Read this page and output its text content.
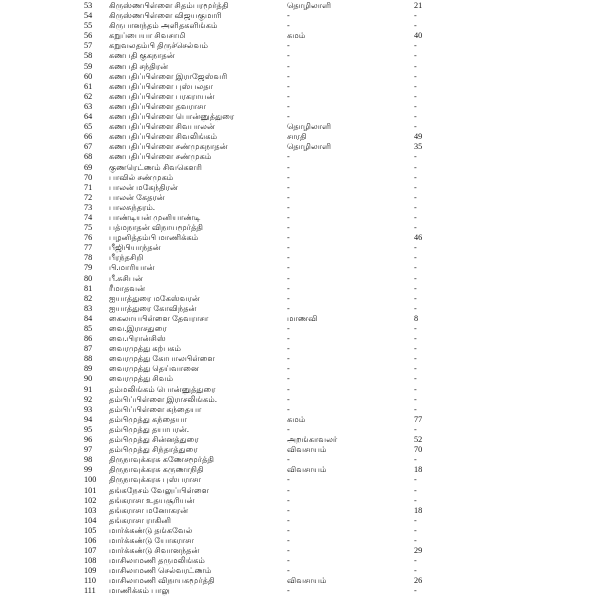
53	கிருஸ்ணபிள்ளை சிதம்பரமூர்த்தி	தொழிலாளி	21
54	கிருஸ்ணபிள்ளை விஜயகுமாரி	-	-
55	கிருபானந்தம் அளிதகளிங்கம்	-	-
56	கறுப்பையா சிவசாமி	கமம்	40
57	கறுவலதம்பி திருச்செல்வம்	-	-
58	கணபதி குகநாதன்	-	-
59	கணபதி சந்திரன்	-	-
60	கணபதிப்பிள்ளை இராஜேஸ்வரி	-	-
61	கணபதிப்பிள்ளை புஸ்பலதா	-	-
62	கணபதிப்பிள்ளை பரகராயன்	-	-
63	கணபதிப்பிள்ளை தவராசா	-	-
64	கணபதிப்பிள்ளை பொன்னுத்துரை	-	-
65	கணபதிப்பிள்ளை சிவபாலன்	தொழிலாளி	-
66	கணபதிப்பிள்ளை சிவலிங்கம்	சாரதி	49
67	கணபதிப்பிள்ளை சண்முகநாதன்	தொழிலாளி	35
68	கணபதிப்பிள்ளை சண்முகம்	-	-
69	குணரெட்ணம் சிவகௌரி	-	-
70	பாவில் சண்முகம்	-	-
71	பாலன் மகேந்திரன்	-	-
72	பாலன் கேதரன்	-	-
73	பாலசுந்தரம்.	-	-
74	பாண்டியன் முனியாண்டி	-	-
75	பத்மநாதன் விநாயமூர்த்தி	-	-
76	பழனித்தம்பி மாணிக்கம்	-	46
77	பீஜிபியாந்தன்	-	-
78	பீரந்தசிறி	-	-
79	பி.மாரியான்	-	-
80	பீ.சுசிபன்	-	-
81	ரீமாதவன்	-	-
82	ஐயாத்துரை மகேஸ்வரன்	-	-
83	ஐயாத்துரை கோவிந்தன்	-	-
84	கைலாயபிள்ளை தேவராசா	மாணவி	8
85	வை.இராசதுரை	-	-
86	வை.பிரான்சிஸ்	-	-
87	வைரமுத்து கற்பகம்	-	-
88	வைரமுத்து கோபாலபிள்ளை	-	-
89	வைரமுத்து தெய்வானை	-	-
90	வைரமுத்து சிவம்	-	-
91	தம்மலிங்கம் பொன்னுத்துரை	-	-
92	தம்பிப்பிள்ளை இராசலிங்கம்.	-	-
93	தம்பிப்பிள்ளை கந்தையா	-	-
94	தம்பிமுத்து கந்தையா	கமம்	77
95	தம்பிமுத்து தயாபரன்.	-	-
96	தம்பிமுத்து சின்னத்துரை	அறங்காவலர்	52
97	தம்பிமுத்து சிந்தாத்துரை	விவசாயம்	70
98	திருநாவுக்கரசு கணேசமூர்த்தி	-	-
99	திருநாவுக்கரசு கருணாநிதி	விவசாயம்	18
100	திருநாவுக்கரசு புஸ்பராசா	-	-
101	தங்கநேசம் வேலுப்பிள்ளை	-	-
102	தங்கராசா உதயசூரியன்	-	-
103	தங்கராசா மனோகரன்	-	18
104	தங்கராசா ராகினி	-	-
105	மார்க்கண்டு தங்கவேல்	-	-
106	மார்க்கண்டு யோகராசா	-	-
107	மார்க்கண்டு சிவானந்தன்	-	29
108	மாசிலாமணி தருமலிங்கம்	-	-
109	மாசிலாமணி செல்வரட்ணம்	-	-
110	மாசிலாமணி விநாயகமூர்த்தி	விவசாயம்	26
111	மாணிக்கம் பாலு	-	-
